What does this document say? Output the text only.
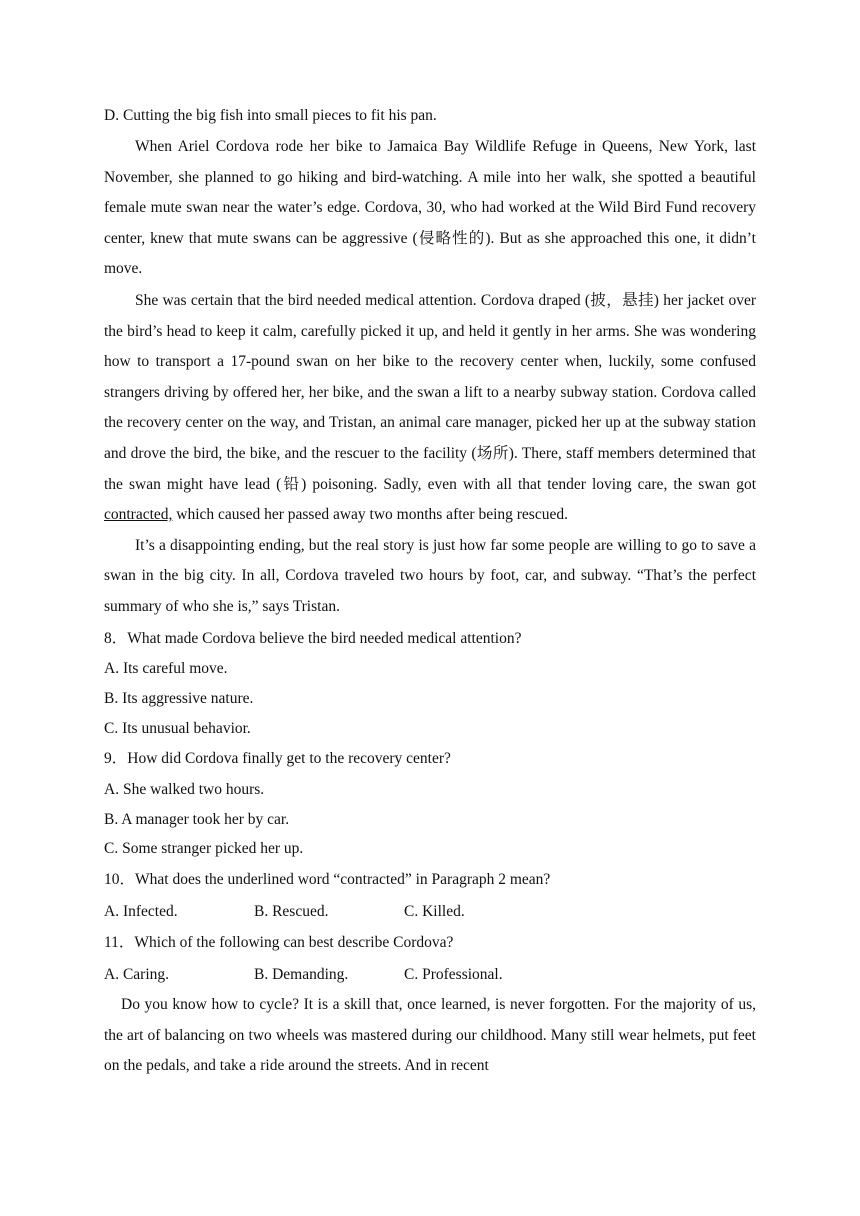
D. Cutting the big fish into small pieces to fit his pan.

When Ariel Cordova rode her bike to Jamaica Bay Wildlife Refuge in Queens, New York, last November, she planned to go hiking and bird-watching. A mile into her walk, she spotted a beautiful female mute swan near the water’s edge. Cordova, 30, who had worked at the Wild Bird Fund recovery center, knew that mute swans can be aggressive (侵略性的). But as she approached this one, it didn’t move.

She was certain that the bird needed medical attention. Cordova draped (披，悬挂) her jacket over the bird’s head to keep it calm, carefully picked it up, and held it gently in her arms. She was wondering how to transport a 17-pound swan on her bike to the recovery center when, luckily, some confused strangers driving by offered her, her bike, and the swan a lift to a nearby subway station. Cordova called the recovery center on the way, and Tristan, an animal care manager, picked her up at the subway station and drove the bird, the bike, and the rescuer to the facility (场所). There, staff members determined that the swan might have lead (铅) poisoning. Sadly, even with all that tender loving care, the swan got contracted, which caused her passed away two months after being rescued.

It’s a disappointing ending, but the real story is just how far some people are willing to go to save a swan in the big city. In all, Cordova traveled two hours by foot, car, and subway. “That’s the perfect summary of who she is,” says Tristan.

8．What made Cordova believe the bird needed medical attention?

A. Its careful move.

B. Its aggressive nature.

C. Its unusual behavior.

9．How did Cordova finally get to the recovery center?

A. She walked two hours.

B. A manager took her by car.

C. Some stranger picked her up.

10．What does the underlined word “contracted” in Paragraph 2 mean?

A. Infected.	B. Rescued.	C. Killed.

11．Which of the following can best describe Cordova?

A. Caring.	B. Demanding.	C. Professional.

Do you know how to cycle? It is a skill that, once learned, is never forgotten. For the majority of us, the art of balancing on two wheels was mastered during our childhood. Many still wear helmets, put feet on the pedals, and take a ride around the streets. And in recent
